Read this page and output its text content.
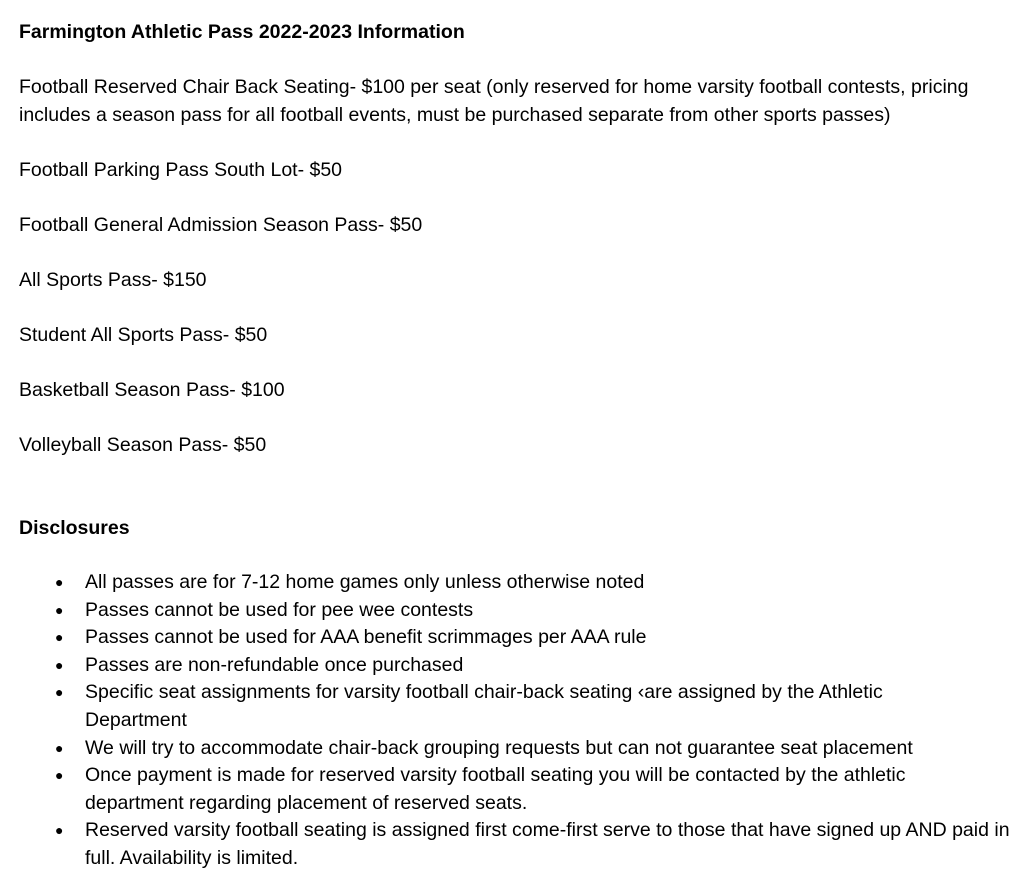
Farmington Athletic Pass 2022-2023 Information

Football Reserved Chair Back Seating- $100 per seat (only reserved for home varsity football contests, pricing includes a season pass for all football events, must be purchased separate from other sports passes)

Football Parking Pass South Lot- $50

Football General Admission Season Pass- $50

All Sports Pass- $150

Student All Sports Pass- $50

Basketball Season Pass- $100

Volleyball Season Pass- $50

Disclosures

● All passes are for 7-12 home games only unless otherwise noted
● Passes cannot be used for pee wee contests
● Passes cannot be used for AAA benefit scrimmages per AAA rule
● Passes are non-refundable once purchased
● Specific seat assignments for varsity football chair-back seating ‹are assigned by the Athletic Department
● We will try to accommodate chair-back grouping requests but can not guarantee seat placement
● Once payment is made for reserved varsity football seating you will be contacted by the athletic department regarding placement of reserved seats.
● Reserved varsity football seating is assigned first come-first serve to those that have signed up AND paid in full. Availability is limited.
